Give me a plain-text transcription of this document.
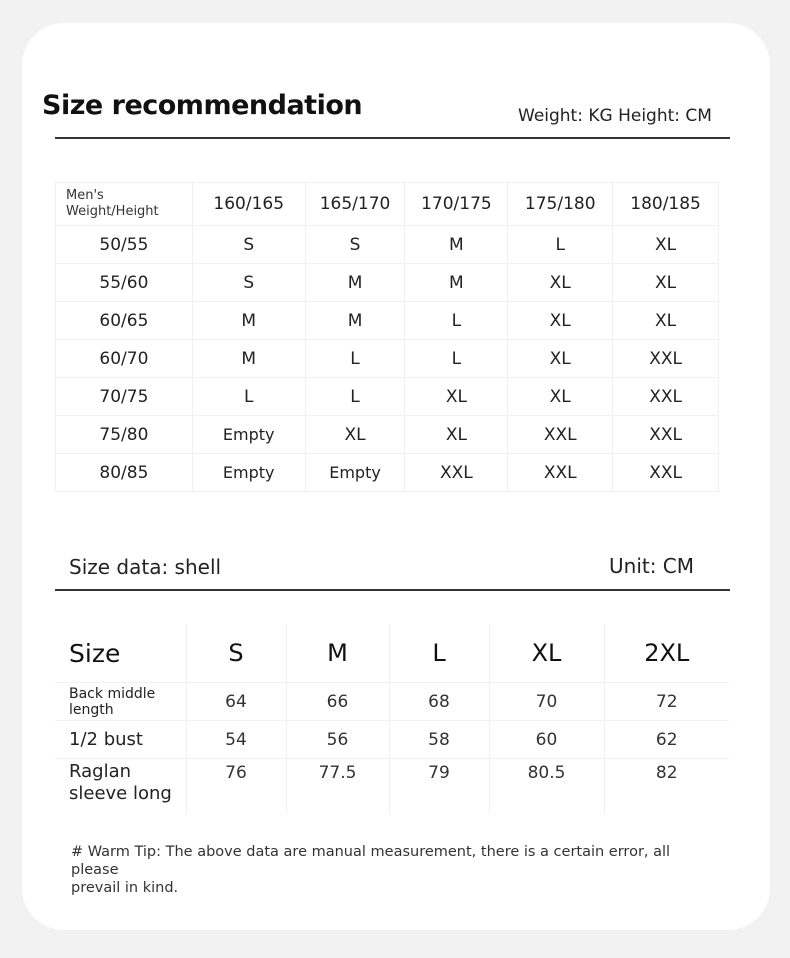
Size recommendation	Weight: KG Height: CM
Men's
Weight/Height	160/165	165/170	170/175	175/180	180/185
50/55	S	S	M	L	XL
55/60	S	M	M	XL	XL
60/65	M	M	L	XL	XL
60/70	M	L	L	XL	XXL
70/75	L	L	XL	XL	XXL
75/80	Empty	XL	XL	XXL	XXL
80/85	Empty	Empty	XXL	XXL	XXL
Size data: shell	Unit: CM
Size	S	M	L	XL	2XL
Back middle
length	64	66	68	70	72
1/2 bust	54	56	58	60	62
Raglan
sleeve long	76	77.5	79	80.5	82
# Warm Tip: The above data are manual measurement, there is a certain error, all please
prevail in kind.
